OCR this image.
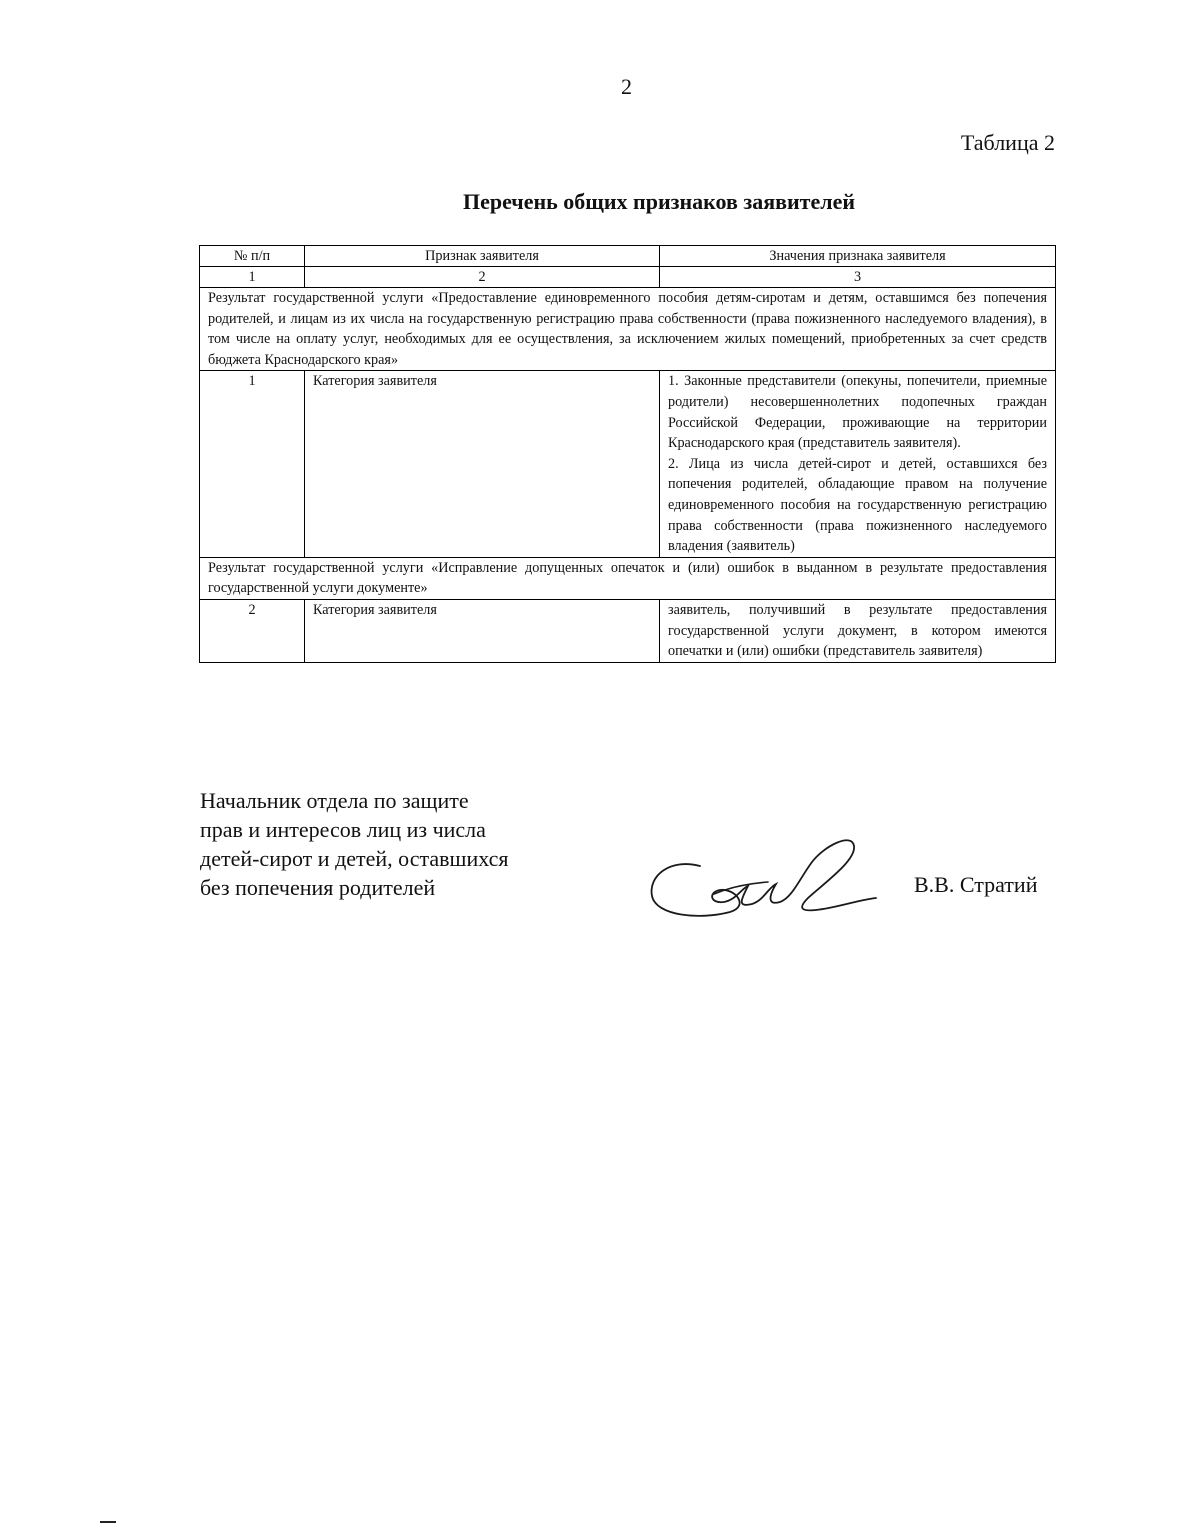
2
Таблица 2
Перечень общих признаков заявителей
№ п/п	Признак заявителя	Значения признака заявителя
1	2	3
Результат государственной услуги «Предоставление единовременного пособия детям-сиротам и детям, оставшимся без попечения родителей, и лицам из их числа на государственную регистрацию права собственности (права пожизненного наследуемого владения), в том числе на оплату услуг, необходимых для ее осуществления, за исключением жилых помещений, приобретенных за счет средств бюджета Краснодарского края»		
1	Категория заявителя	1. Законные представители (опекуны, попечители, приемные родители) несовершеннолетних подопечных граждан Российской Федерации, проживающие на территории Краснодарского края (представитель заявителя).
2. Лица из числа детей-сирот и детей, оставшихся без попечения родителей, обладающие правом на получение единовременного пособия на государственную регистрацию права собственности (права пожизненного наследуемого владения (заявитель)

Результат государственной услуги «Исправление допущенных опечаток и (или) ошибок в выданном в результате предоставления государственной услуги документе»		
2	Категория заявителя	заявитель, получивший в результате предоставления государственной услуги документ, в котором имеются опечатки и (или) ошибки (представитель заявителя)
Начальник отдела по защите
прав и интересов лиц из числа
детей-сирот и детей, оставшихся
без попечения родителей	В.В. Стратий
